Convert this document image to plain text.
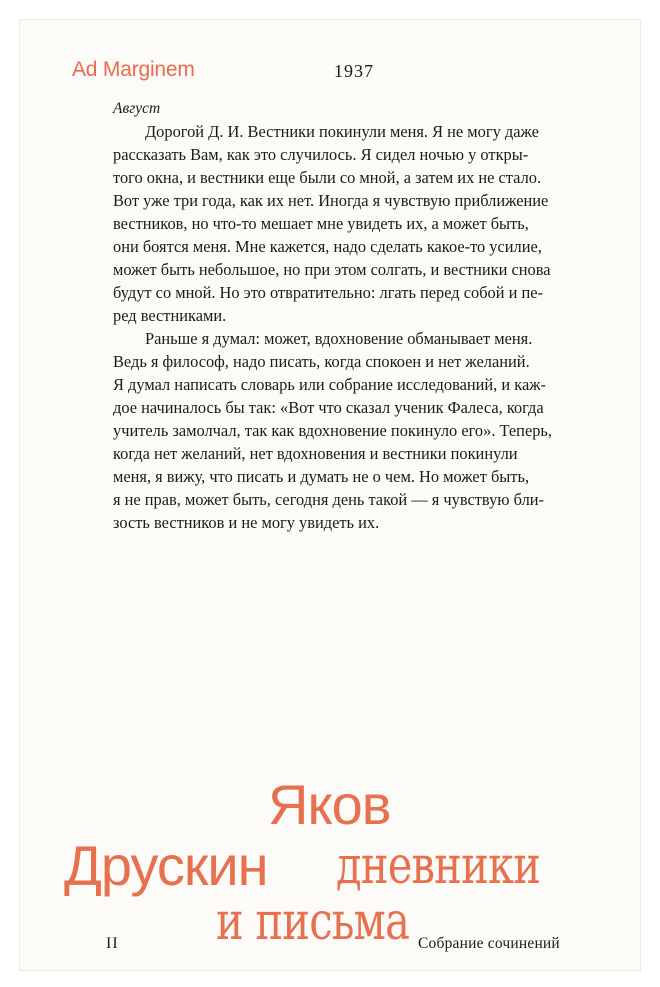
Ad Marginem	1937
Август
Дорогой Д. И. Вестники покинули меня. Я не могу даже
рассказать Вам, как это случилось. Я сидел ночью у откры-
того окна, и вестники еще были со мной, а затем их не стало.
Вот уже три года, как их нет. Иногда я чувствую приближение
вестников, но что-то мешает мне увидеть их, а может быть,
они боятся меня. Мне кажется, надо сделать какое-то усилие,
может быть небольшое, но при этом солгать, и вестники снова
будут со мной. Но это отвратительно: лгать перед собой и пе-
ред вестниками.
Раньше я думал: может, вдохновение обманывает меня.
Ведь я философ, надо писать, когда спокоен и нет желаний.
Я думал написать словарь или собрание исследований, и каж-
дое начиналось бы так: «Вот что сказал ученик Фалеса, когда
учитель замолчал, так как вдохновение покинуло его». Теперь,
когда нет желаний, нет вдохновения и вестники покинули
меня, я вижу, что писать и думать не о чем. Но может быть,
я не прав, может быть, сегодня день такой — я чувствую бли-
зость вестников и не могу увидеть их.
Яков
Друскин дневники
и письма
II	Собрание сочинений
